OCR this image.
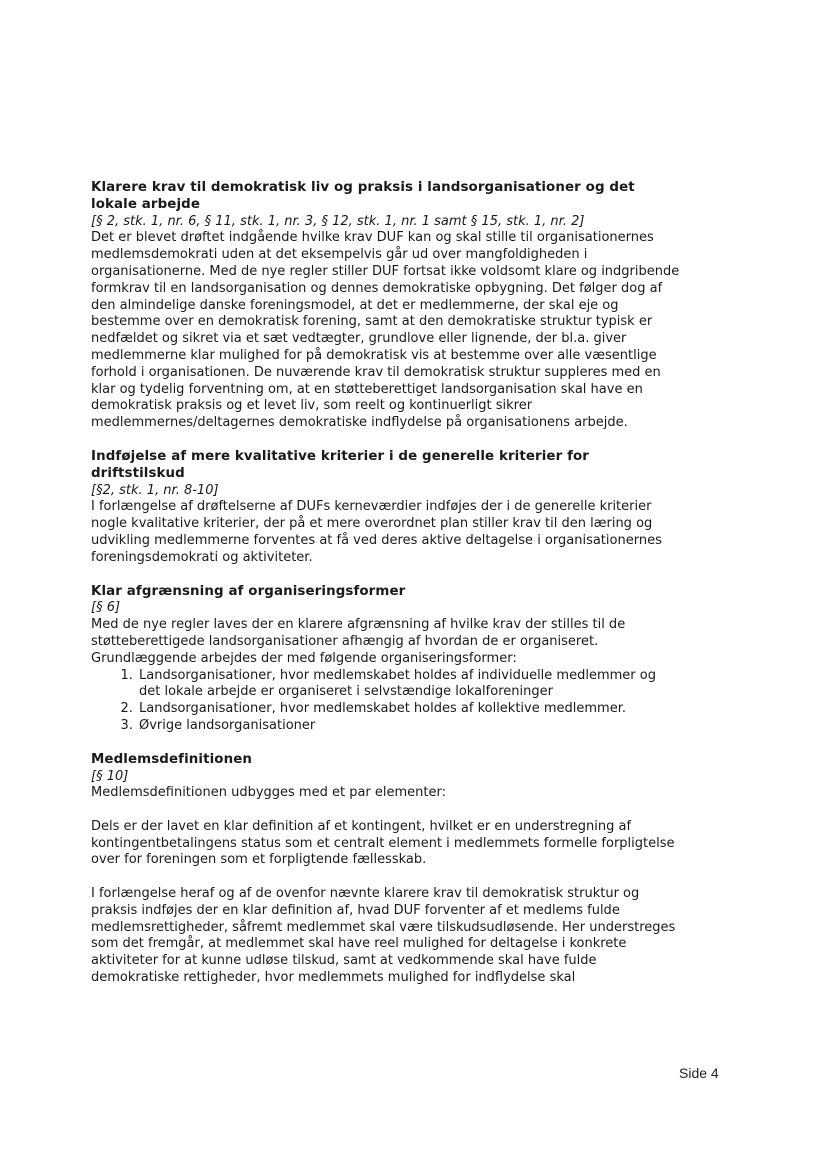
Klarere krav til demokratisk liv og praksis i landsorganisationer og det lokale arbejde
[§ 2, stk. 1, nr. 6, § 11, stk. 1, nr. 3, § 12, stk. 1, nr. 1 samt § 15, stk. 1, nr. 2]

Det er blevet drøftet indgående hvilke krav DUF kan og skal stille til organisationernes medlemsdemokrati uden at det eksempelvis går ud over mangfoldigheden i organisationerne. Med de nye regler stiller DUF fortsat ikke voldsomt klare og indgribende formkrav til en landsorganisation og dennes demokratiske opbygning. Det følger dog af den almindelige danske foreningsmodel, at det er medlemmerne, der skal eje og bestemme over en demokratisk forening, samt at den demokratiske struktur typisk er nedfældet og sikret via et sæt vedtægter, grundlove eller lignende, der bl.a. giver medlemmerne klar mulighed for på demokratisk vis at bestemme over alle væsentlige forhold i organisationen. De nuværende krav til demokratisk struktur suppleres med en klar og tydelig forventning om, at en støtteberettiget landsorganisation skal have en demokratisk praksis og et levet liv, som reelt og kontinuerligt sikrer medlemmernes/deltagernes demokratiske indflydelse på organisationens arbejde.

Indføjelse af mere kvalitative kriterier i de generelle kriterier for driftstilskud
[§2, stk. 1, nr. 8-10]

I forlængelse af drøftelserne af DUFs kerneværdier indføjes der i de generelle kriterier nogle kvalitative kriterier, der på et mere overordnet plan stiller krav til den læring og udvikling medlemmerne forventes at få ved deres aktive deltagelse i organisationernes foreningsdemokrati og aktiviteter.

Klar afgrænsning af organiseringsformer
[§ 6]

Med de nye regler laves der en klarere afgrænsning af hvilke krav der stilles til de støtteberettigede landsorganisationer afhængig af hvordan de er organiseret. Grundlæggende arbejdes der med følgende organiseringsformer:

1. Landsorganisationer, hvor medlemskabet holdes af individuelle medlemmer og det lokale arbejde er organiseret i selvstændige lokalforeninger
2. Landsorganisationer, hvor medlemskabet holdes af kollektive medlemmer.
3. Øvrige landsorganisationer
Medlemsdefinitionen
[§ 10]

Medlemsdefinitionen udbygges med et par elementer:

Dels er der lavet en klar definition af et kontingent, hvilket er en understregning af kontingentbetalingens status som et centralt element i medlemmets formelle forpligtelse over for foreningen som et forpligtende fællesskab.

I forlængelse heraf og af de ovenfor nævnte klarere krav til demokratisk struktur og praksis indføjes der en klar definition af, hvad DUF forventer af et medlems fulde medlemsrettigheder, såfremt medlemmet skal være tilskudsudløsende. Her understreges som det fremgår, at medlemmet skal have reel mulighed for deltagelse i konkrete aktiviteter for at kunne udløse tilskud, samt at vedkommende skal have fulde demokratiske rettigheder, hvor medlemmets mulighed for indflydelse skal

Side 4
